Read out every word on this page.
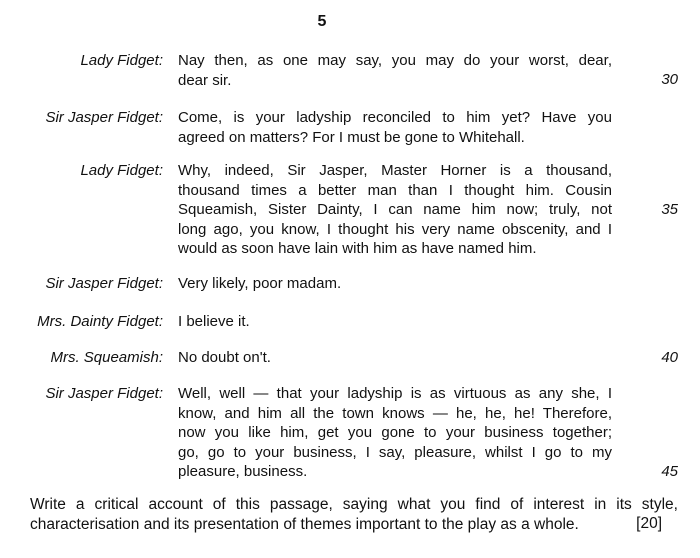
5
Lady Fidget: Nay then, as one may say, you may do your worst, dear,
dear sir.
Sir Jasper Fidget: Come, is your ladyship reconciled to him yet? Have you
agreed on matters? For I must be gone to Whitehall.
Lady Fidget: Why, indeed, Sir Jasper, Master Horner is a thousand,
thousand times a better man than I thought him. Cousin
Squeamish, Sister Dainty, I can name him now; truly, not
long ago, you know, I thought his very name obscenity, and I
would as soon have lain with him as have named him.
Sir Jasper Fidget: Very likely, poor madam.
Mrs. Dainty Fidget: I believe it.
Mrs. Squeamish: No doubt on't.
Sir Jasper Fidget: Well, well — that your ladyship is as virtuous as any she, I
know, and him all the town knows — he, he, he! Therefore,
now you like him, get you gone to your business together;
go, go to your business, I say, pleasure, whilst I go to my
pleasure, business.
30
35
40
45
Write a critical account of this passage, saying what you find of interest in its style,
characterisation and its presentation of themes important to the play as a whole.	[20]
